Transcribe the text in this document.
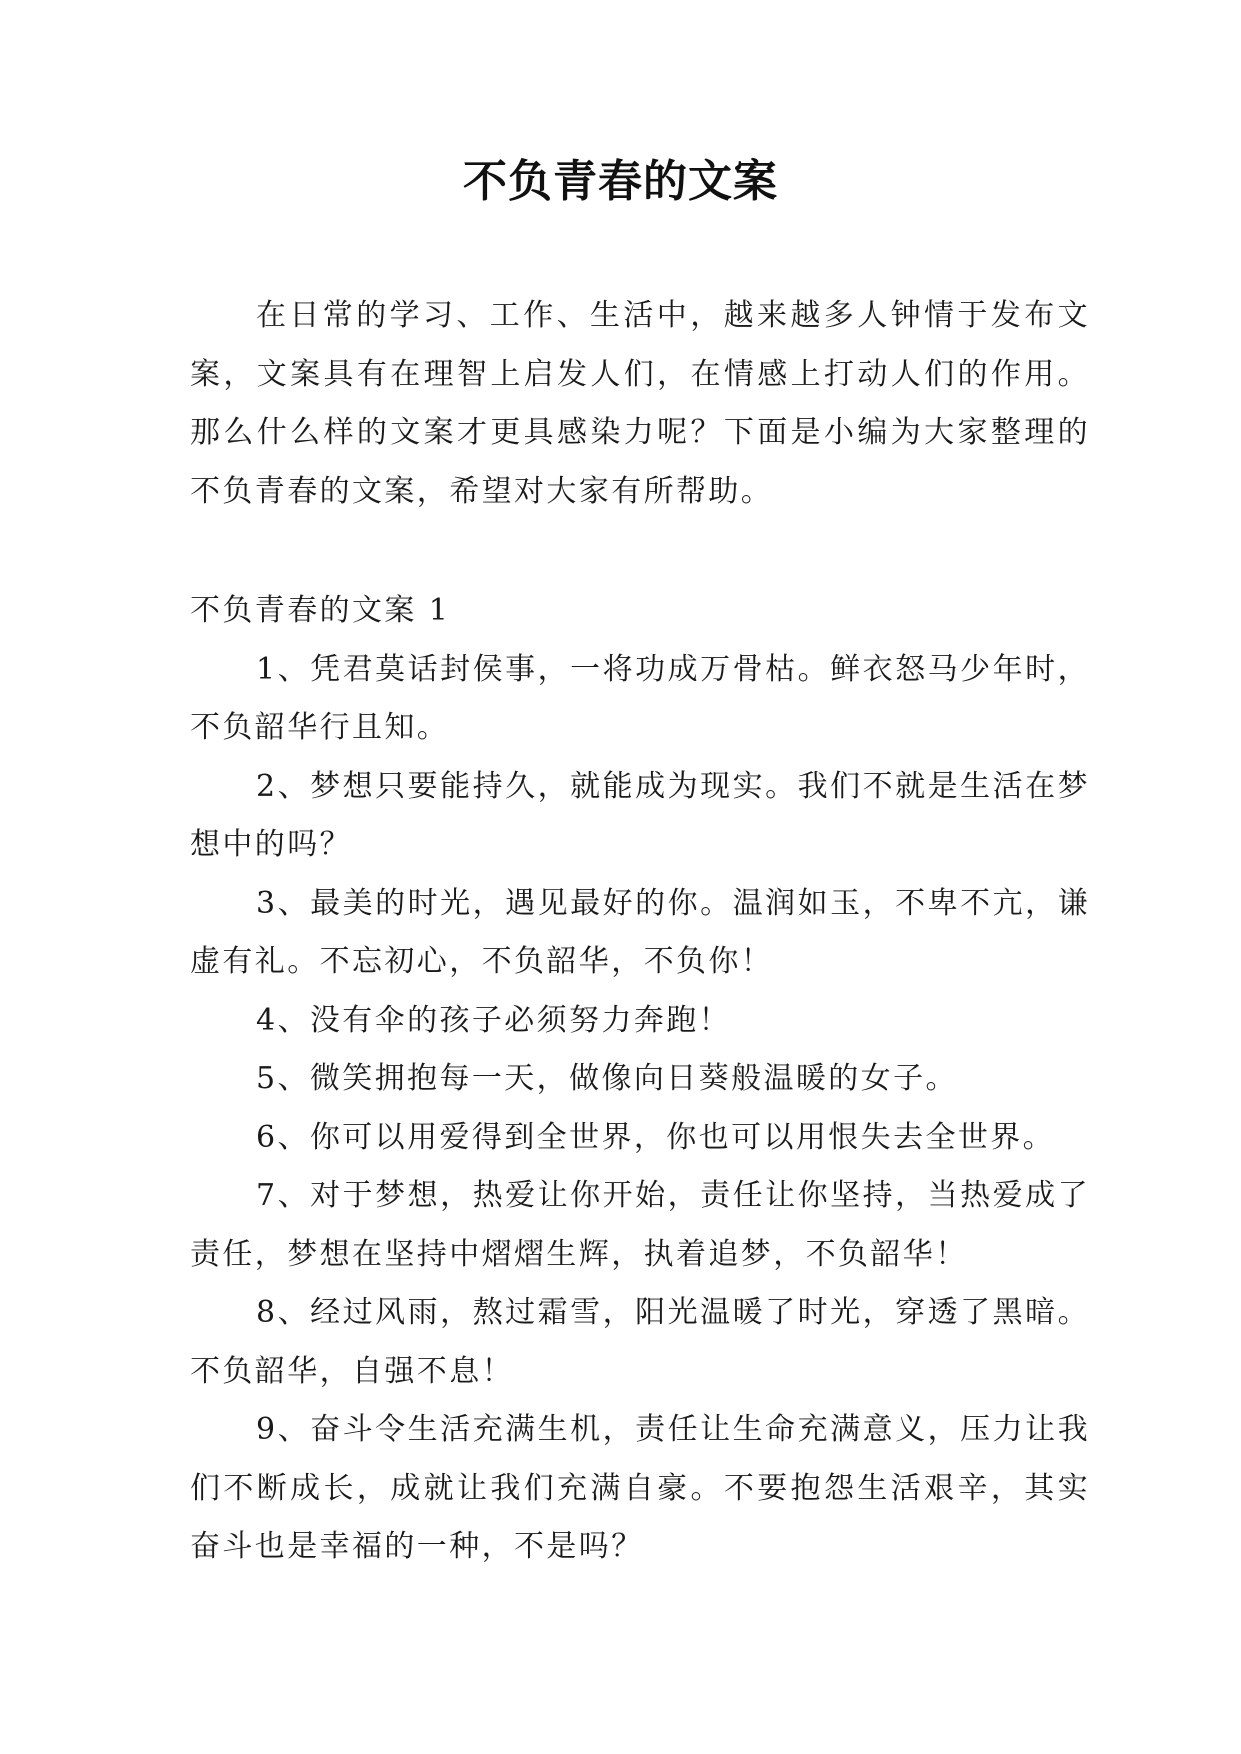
不负青春的文案

在日常的学习、工作、生活中，越来越多人钟情于发布文案，文案具有在理智上启发人们，在情感上打动人们的作用。那么什么样的文案才更具感染力呢？下面是小编为大家整理的不负青春的文案，希望对大家有所帮助。

不负青春的文案 1

1、凭君莫话封侯事，一将功成万骨枯。鲜衣怒马少年时，不负韶华行且知。

2、梦想只要能持久，就能成为现实。我们不就是生活在梦想中的吗？

3、最美的时光，遇见最好的你。温润如玉，不卑不亢，谦虚有礼。不忘初心，不负韶华，不负你！

4、没有伞的孩子必须努力奔跑！

5、微笑拥抱每一天，做像向日葵般温暖的女子。

6、你可以用爱得到全世界，你也可以用恨失去全世界。

7、对于梦想，热爱让你开始，责任让你坚持，当热爱成了责任，梦想在坚持中熠熠生辉，执着追梦，不负韶华！

8、经过风雨，熬过霜雪，阳光温暖了时光，穿透了黑暗。不负韶华，自强不息！

9、奋斗令生活充满生机，责任让生命充满意义，压力让我们不断成长，成就让我们充满自豪。不要抱怨生活艰辛，其实奋斗也是幸福的一种，不是吗？
